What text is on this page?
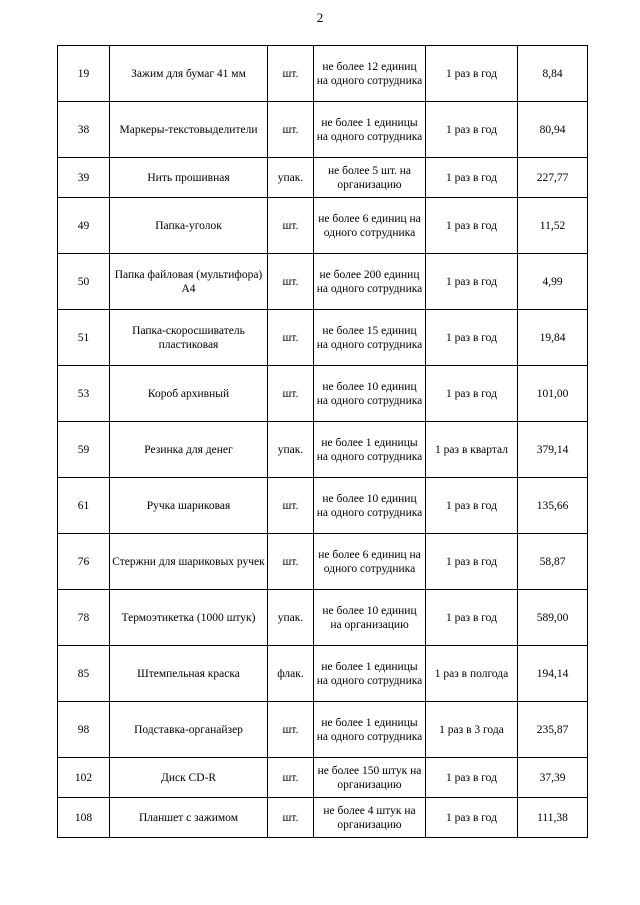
2
19	Зажим для бумаг 41 мм	шт.	не более 12 единиц на одного сотрудника	1 раз в год	8,84
38	Маркеры-текстовыделители	шт.	не более 1 единицы на одного сотрудника	1 раз в год	80,94
39	Нить прошивная	упак.	не более 5 шт. на организацию	1 раз в год	227,77
49	Папка-уголок	шт.	не более 6 единиц на одного сотрудника	1 раз в год	11,52
50	Папка файловая (мультифора) А4	шт.	не более 200 единиц на одного сотрудника	1 раз в год	4,99
51	Папка-скоросшиватель пластиковая	шт.	не более 15 единиц на одного сотрудника	1 раз в год	19,84
53	Короб архивный	шт.	не более 10 единиц на одного сотрудника	1 раз в год	101,00
59	Резинка для денег	упак.	не более 1 единицы на одного сотрудника	1 раз в квартал	379,14
61	Ручка шариковая	шт.	не более 10 единиц на одного сотрудника	1 раз в год	135,66
76	Стержни для шариковых ручек	шт.	не более 6 единиц на одного сотрудника	1 раз в год	58,87
78	Термоэтикетка (1000 штук)	упак.	не более 10 единиц на организацию	1 раз в год	589,00
85	Штемпельная краска	флак.	не более 1 единицы на одного сотрудника	1 раз в полгода	194,14
98	Подставка-органайзер	шт.	не более 1 единицы на одного сотрудника	1 раз в 3 года	235,87
102	Диск CD-R	шт.	не более 150 штук на организацию	1 раз в год	37,39
108	Планшет с зажимом	шт.	не более 4 штук на организацию	1 раз в год	111,38
